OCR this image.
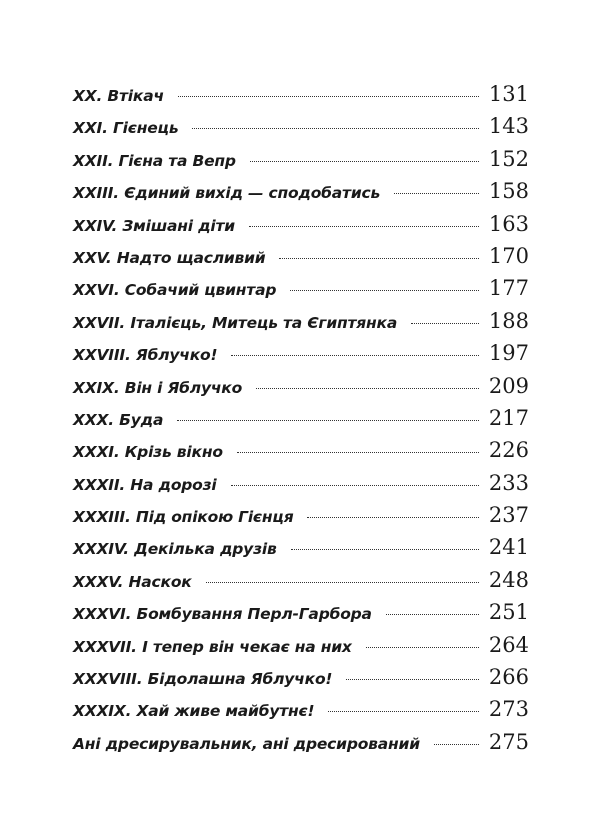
XX. Втікач	131
XXI. Гієнець	143
XXII. Гієна та Вепр	152
XXIII. Єдиний вихід — сподобатись	158
XXIV. Змішані діти	163
XXV. Надто щасливий	170
XXVI. Собачий цвинтар	177
XXVII. Італієць, Митець та Єгиптянка	188
XXVIII. Яблучко!	197
XXIX. Він і Яблучко	209
XXX. Буда	217
XXXI. Крізь вікно	226
XXXII. На дорозі	233
XXXIII. Під опікою Гієнця	237
XXXIV. Декілька друзів	241
XXXV. Наскок	248
XXXVI. Бомбування Перл-Гарбора	251
XXXVII. І тепер він чекає на них	264
XXXVIII. Бідолашна Яблучко!	266
XXXIX. Хай живе майбутнє!	273
Ані дресирувальник, ані дресирований	275
